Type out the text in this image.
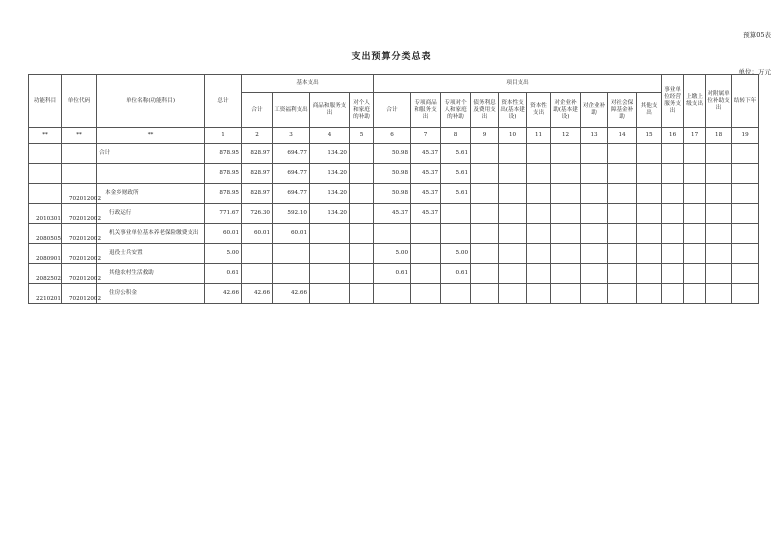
预算05表
支出预算分类总表
单位：万元
功能科目	单位代码	单位名称(功能科目)	总计	基本支出				项目支出										事业单位经营服务支出	上缴上级支出	对附属单位补助支出	结转下年
				合计	工资福利支出	商品和服务支出	对个人和家庭的补助	合计	专项商品和服务支出	专项对个人和家庭的补助	债务利息及费用支出	资本性支出(基本建设)	资本性支出	对企业补助(基本建设)	对企业补助	对社会保障基金补助	其他支出				
**	**	**	1	2	3	4	5	6	7	8	9	10	11	12	13	14	15	16	17	18	19
		合计	878.95	828.97	694.77	134.20		50.98	45.37	5.61											
			878.95	828.97	694.77	134.20		50.98	45.37	5.61											
	702012002	本金乡财政所	878.95	828.97	694.77	134.20		50.98	45.37	5.61											
2010301	702012002	行政运行	771.67	726.30	592.10	134.20		45.37	45.37												
2080505	702012002	机关事业单位基本养老保险缴费支出	60.01	60.01	60.01																
2080901	702012002	退役士兵安置	5.00					5.00		5.00											
2082502	702012002	其他农村生活救助	0.61					0.61		0.61											
2210201	702012002	住房公积金	42.66	42.66	42.66																
